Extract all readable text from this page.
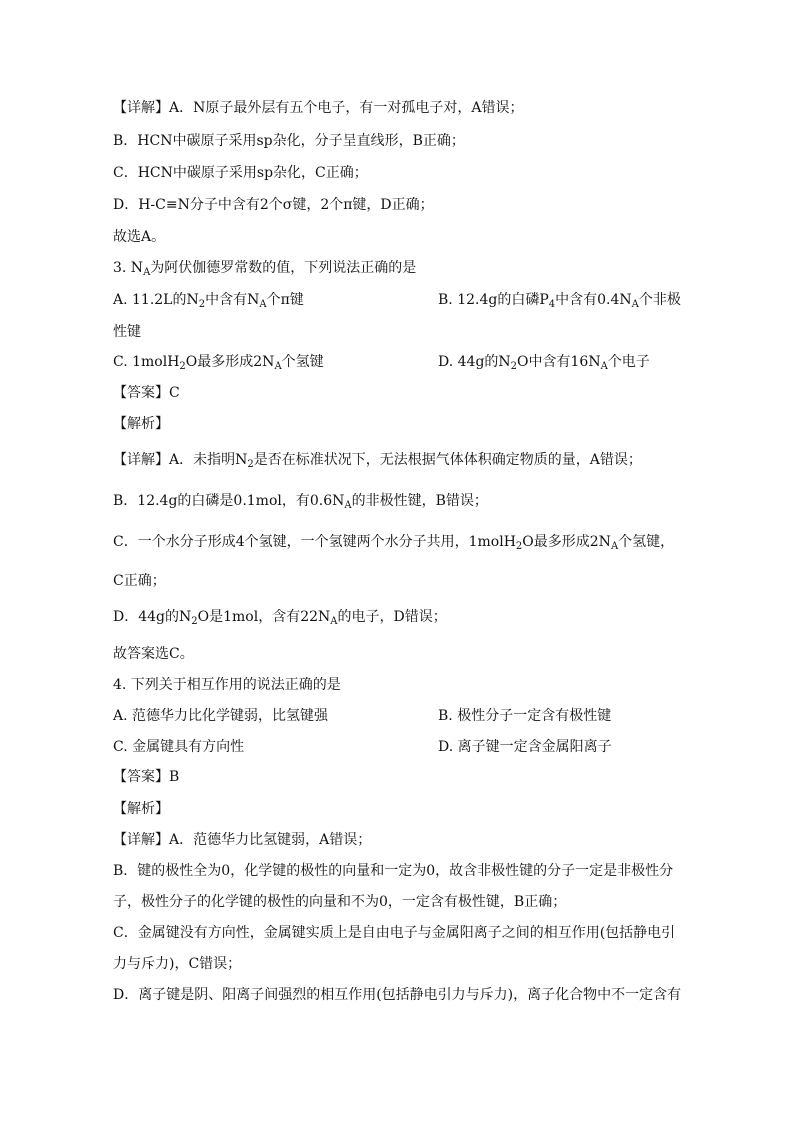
【详解】A．N原子最外层有五个电子，有一对孤电子对，A错误；
B．HCN中碳原子采用sp杂化，分子呈直线形，B正确；
C．HCN中碳原子采用sp杂化，C正确；
D．H-C≡N分子中含有2个σ键，2个π键，D正确；
故选A。
3. $N_A$为阿伏伽德罗常数的值，下列说法正确的是
A. 11.2L的$N_2$中含有$N_A$个π键	B. 12.4g的白磷$P_4$中含有$0.4N_A$个非极
性键
C. 1molH$_2$O最多形成$2N_A$个氢键	D. 44g的$N_2O$中含有$16N_A$个电子
【答案】C
【解析】
【详解】A．未指明$N_2$是否在标准状况下，无法根据气体体积确定物质的量，A错误；
B．12.4g的白磷是0.1mol，有$0.6N_A$的非极性键，B错误；
C．一个水分子形成4个氢键，一个氢键两个水分子共用，1molH$_2$O最多形成$2N_A$个氢键，
C正确；
D．44g的$N_2O$是1mol，含有$22N_A$的电子，D错误；
故答案选C。
4. 下列关于相互作用的说法正确的是
A. 范德华力比化学键弱，比氢键强	B. 极性分子一定含有极性键
C. 金属键具有方向性	D. 离子键一定含金属阳离子
【答案】B
【解析】
【详解】A．范德华力比氢键弱，A错误；
B．键的极性全为0，化学键的极性的向量和一定为0，故含非极性键的分子一定是非极性分
子，极性分子的化学键的极性的向量和不为0，一定含有极性键，B正确；
C．金属键没有方向性，金属键实质上是自由电子与金属阳离子之间的相互作用(包括静电引
力与斥力)，C错误；
D．离子键是阴、阳离子间强烈的相互作用(包括静电引力与斥力)，离子化合物中不一定含有
